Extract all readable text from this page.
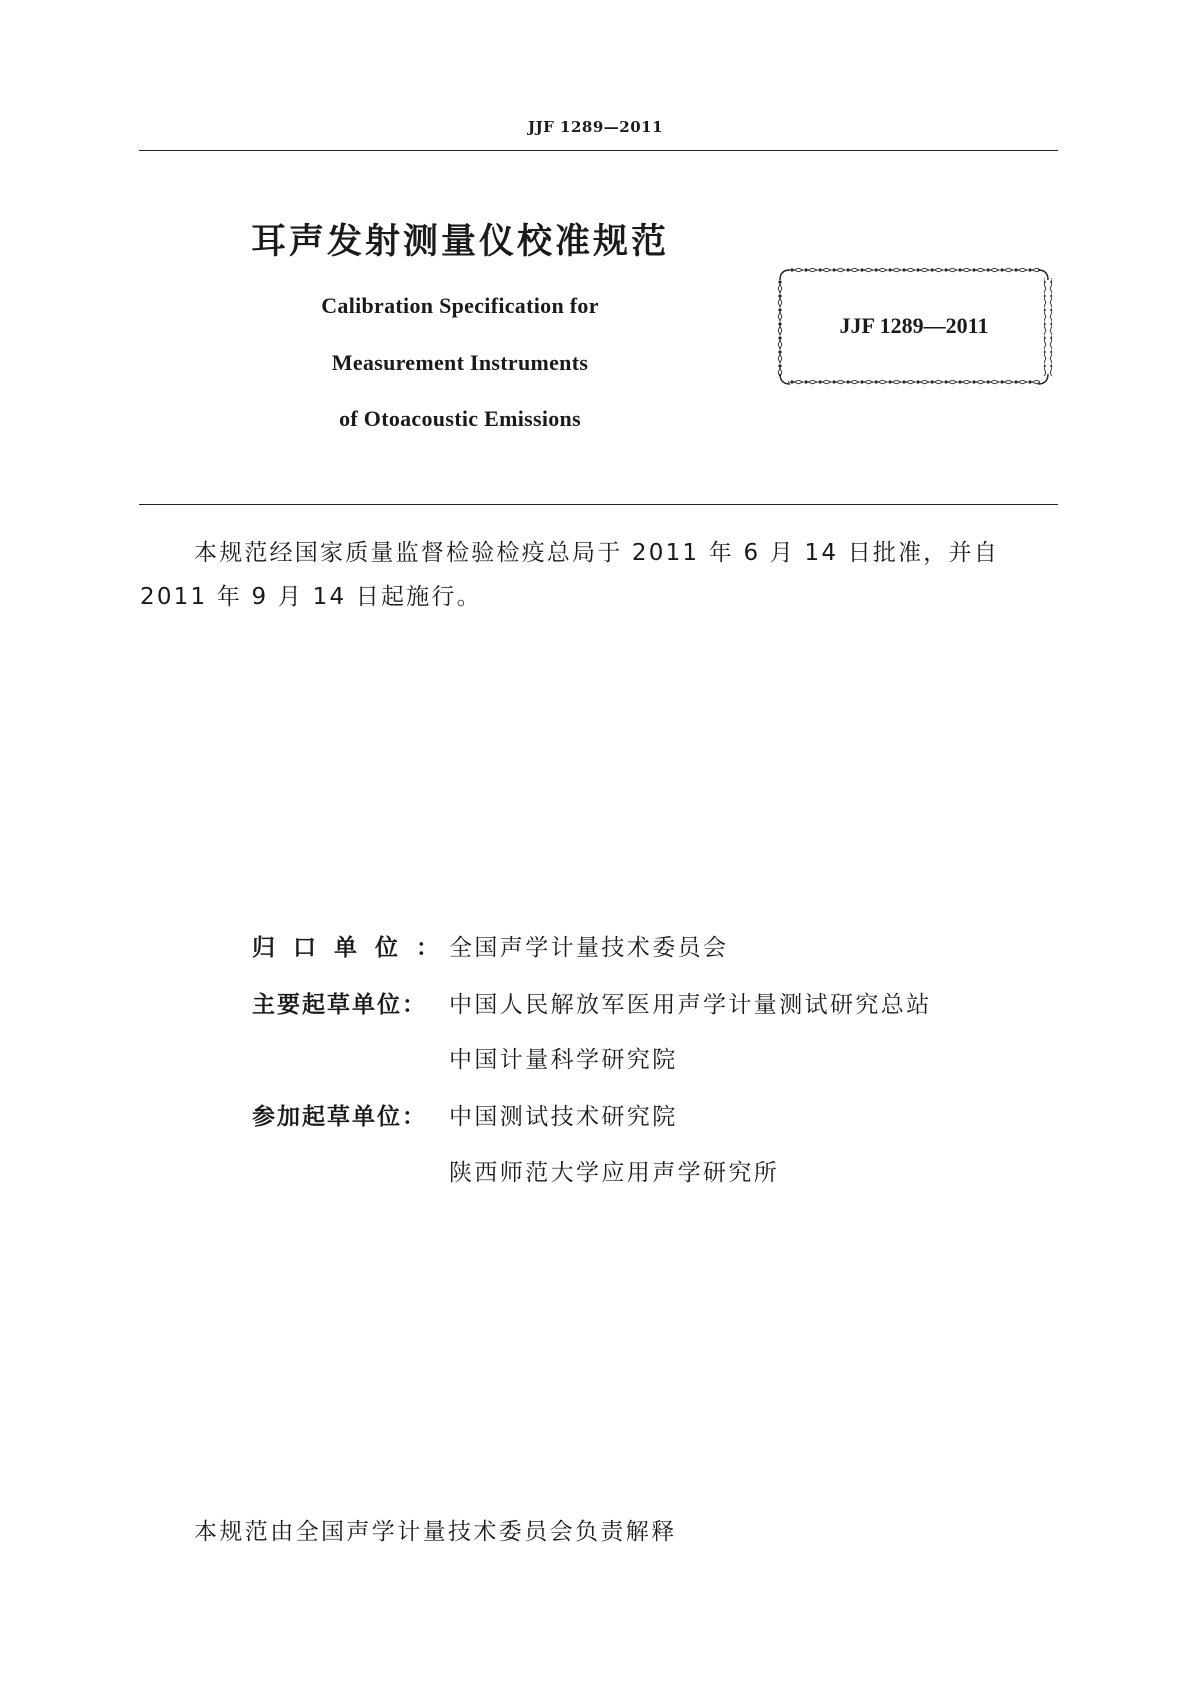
JJF 1289—2011
耳声发射测量仪校准规范
Calibration Specification for
Measurement Instruments
of Otoacoustic Emissions
JJF 1289—2011
本规范经国家质量监督检验检疫总局于 2011 年 6 月 14 日批准，并自
2011 年 9 月 14 日起施行。
归口单位：
全国声学计量技术委员会
主要起草单位： 中国人民解放军医用声学计量测试研究总站
中国计量科学研究院
参加起草单位： 中国测试技术研究院
陕西师范大学应用声学研究所
本规范由全国声学计量技术委员会负责解释
